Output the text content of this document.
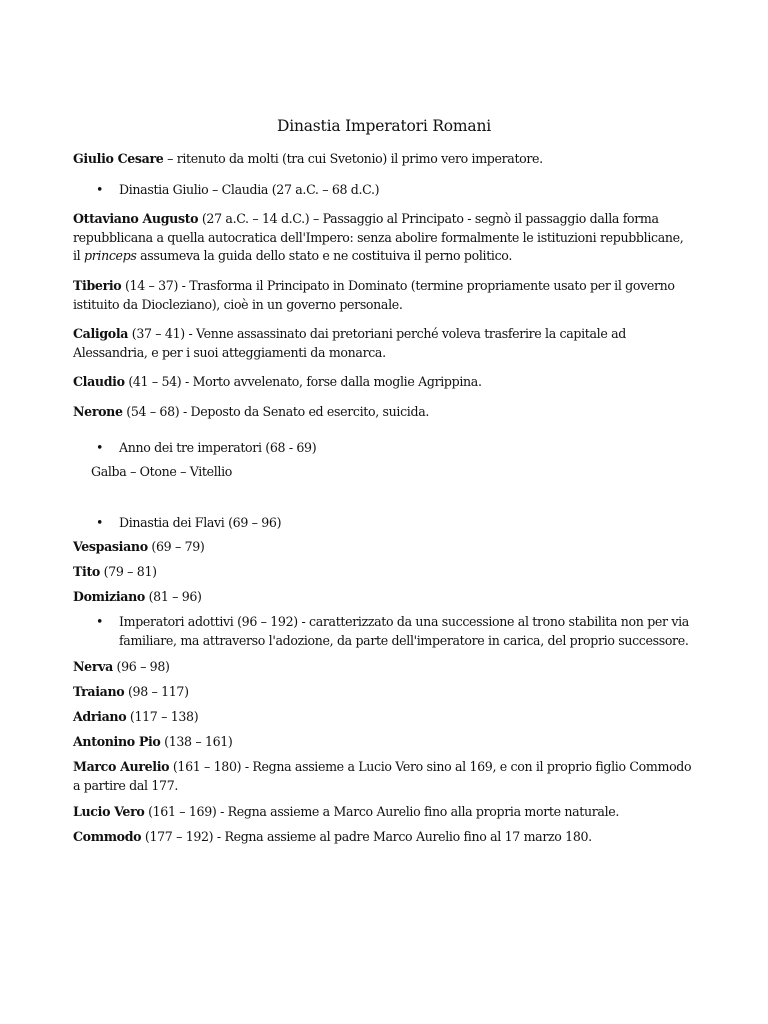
Dinastia Imperatori Romani
Giulio Cesare – ritenuto da molti (tra cui Svetonio) il primo vero imperatore.
• Dinastia Giulio – Claudia (27 a.C. – 68 d.C.)
Ottaviano Augusto (27 a.C. – 14 d.C.) – Passaggio al Principato - segnò il passaggio dalla forma
repubblicana a quella autocratica dell'Impero: senza abolire formalmente le istituzioni repubblicane,
il princeps assumeva la guida dello stato e ne costituiva il perno politico.
Tiberio (14 – 37) - Trasforma il Principato in Dominato (termine propriamente usato per il governo
istituito da Diocleziano), cioè in un governo personale.
Caligola (37 – 41) - Venne assassinato dai pretoriani perché voleva trasferire la capitale ad
Alessandria, e per i suoi atteggiamenti da monarca.
Claudio (41 – 54) - Morto avvelenato, forse dalla moglie Agrippina.
Nerone (54 – 68) - Deposto da Senato ed esercito, suicida.
• Anno dei tre imperatori (68 - 69)
Galba – Otone – Vitellio
• Dinastia dei Flavi (69 – 96)
Vespasiano (69 – 79)
Tito (79 – 81)
Domiziano (81 – 96)
• Imperatori adottivi (96 – 192) - caratterizzato da una successione al trono stabilita non per via
familiare, ma attraverso l'adozione, da parte dell'imperatore in carica, del proprio successore.
Nerva (96 – 98)
Traiano (98 – 117)
Adriano (117 – 138)
Antonino Pio (138 – 161)
Marco Aurelio (161 – 180) - Regna assieme a Lucio Vero sino al 169, e con il proprio figlio Commodo
a partire dal 177.
Lucio Vero (161 – 169) - Regna assieme a Marco Aurelio fino alla propria morte naturale.
Commodo (177 – 192) - Regna assieme al padre Marco Aurelio fino al 17 marzo 180.
